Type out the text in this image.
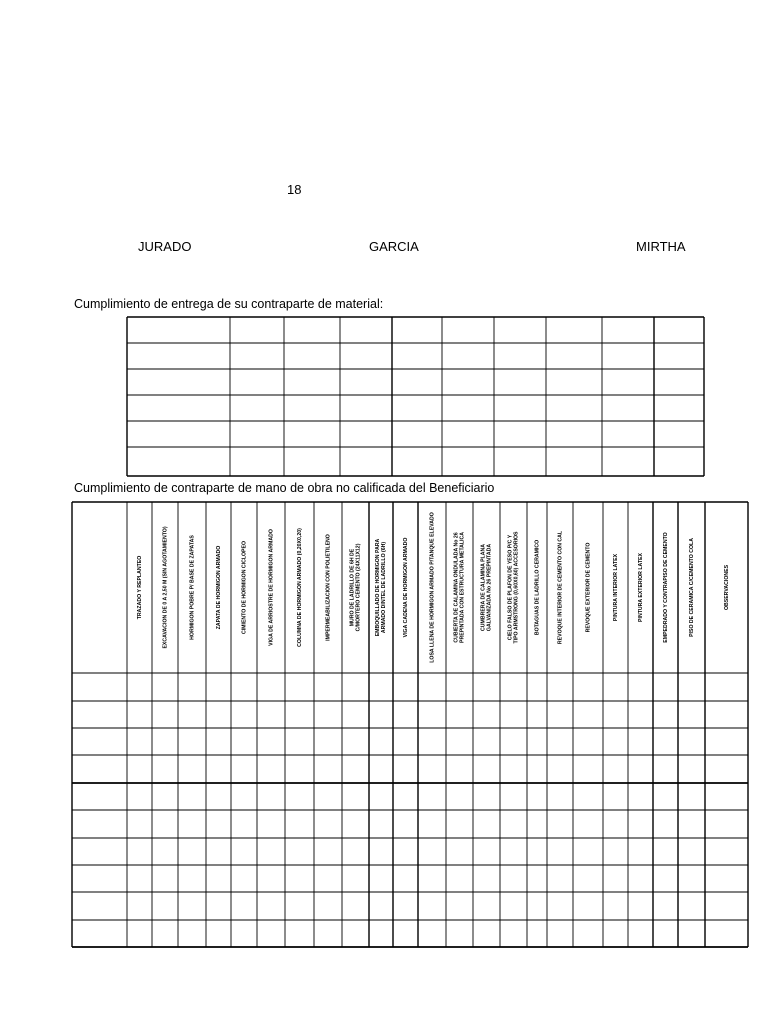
18
JURADO	GARCIA	MIRTHA
Cumplimiento de entrega de su contraparte de material:
Cumplimiento de contraparte de mano de obra no calificada del Beneficiario
TRAZADO Y REPLANTEO	EXCAVACION DE 0 A 2,50 M (SIN AGOTAMIENTO)	HORMIGON POBRE P/ BASE DE ZAPATAS	ZAPATA DE HORMIGON ARMADO	CIMIENTO DE HORMIGON CICLOPEO	VIGA DE ARRIOSTRE DE HORMIGON ARMADO	COLUMNA DE HORMIGON ARMADO (0,20X0,20)	IMPERMEABILIZACION CON POLIETILENO	MURO DE LADRILLO DE 6H DEC/MORTERO CEMENTO (24X11X12)	EMBOQUILLADO DE HORMIGON PARAARMADO DINTEL DE LADRILLO (6H)	VIGA CADENA DE HORMIGON ARMADO	LOSA LLENA DE HORMIGON ARMADO P/TANQUE ELEVADO	CUBIERTA DE CALAMINA ONDULADA No 26PREPINTADA CON ESTRUCTURA METALICA	CUMBRERA DE CALAMINA PLANAGALVANIZADA No 26 PREPINTADA	CIELO FALSO DE PLAFON DE YESO P/C YTIPO ARMSTRONG (0,60X0,60) ACCESORIOS	BOTAGUAS DE LADRILLO CERAMICO	REVOQUE INTERIOR DE CEMENTO CON CAL	REVOQUE EXTERIOR DE CEMENTO	PINTURA INTERIOR LATEX	PINTURA EXTERIOR LATEX	EMPEDRADO Y CONTRAPISO DE CEMENTO	PISO DE CERAMICA C/CEMENTO COLA	OBSERVACIONES
